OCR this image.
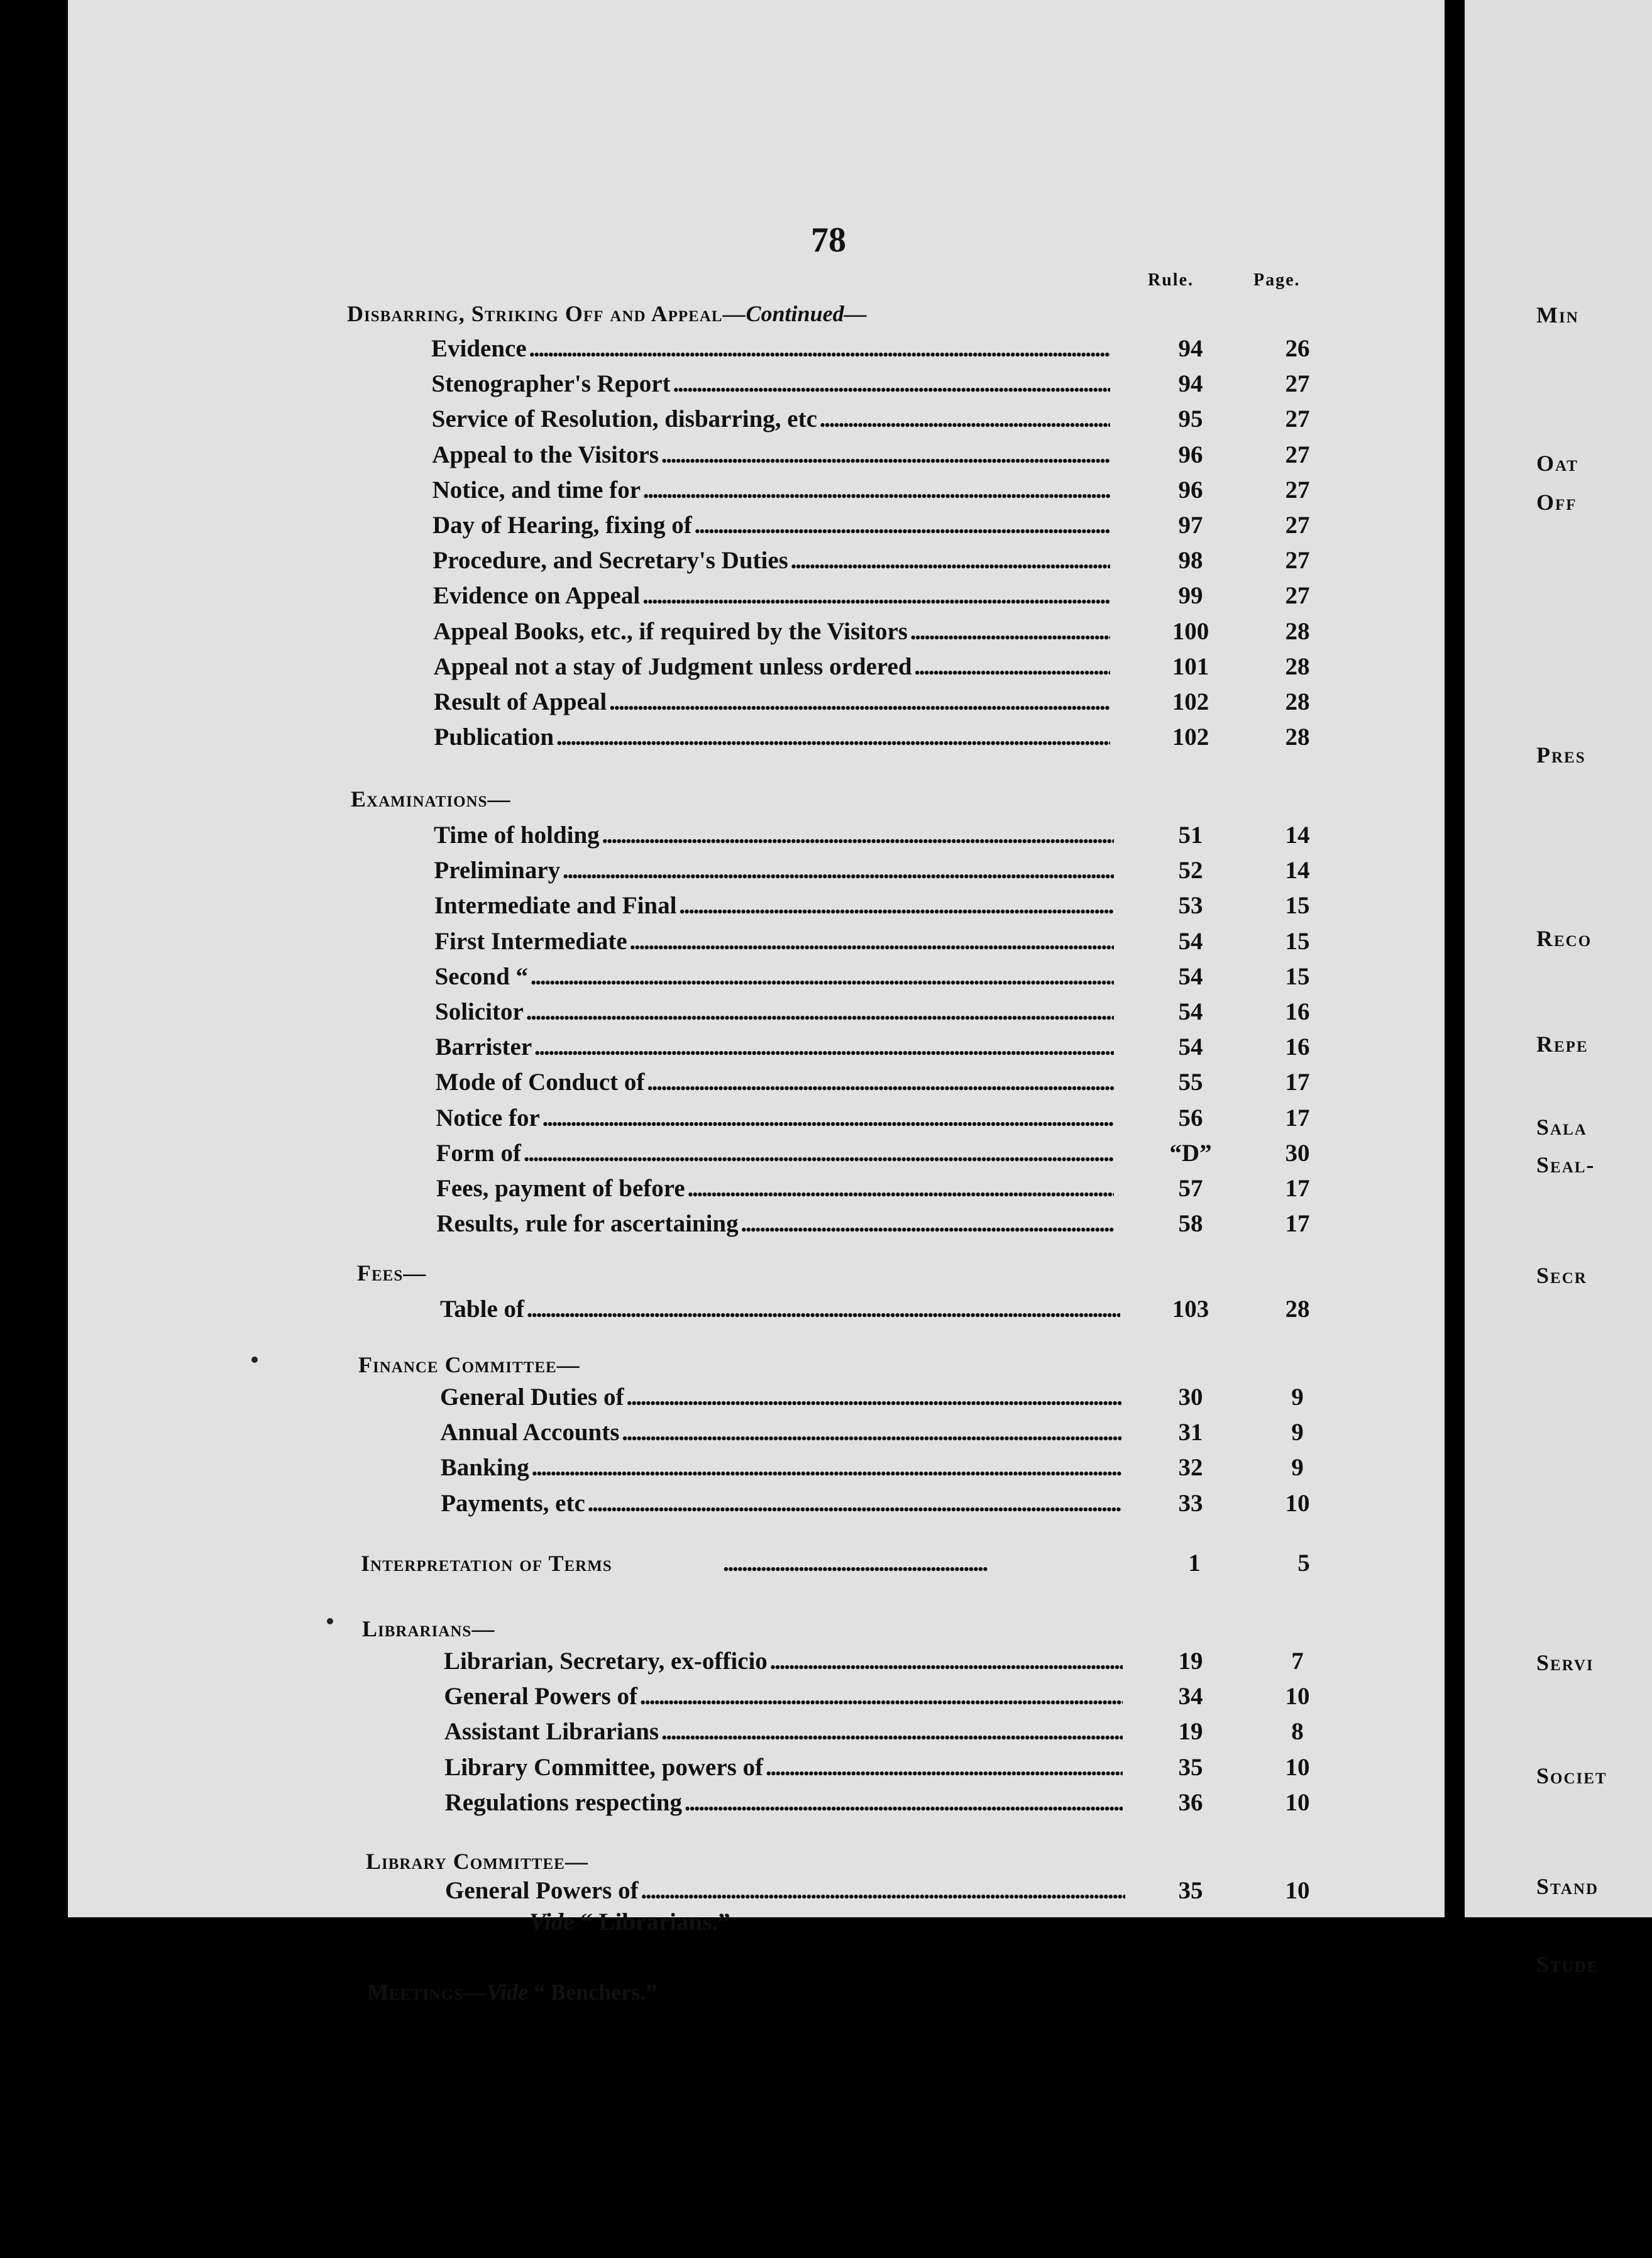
78
Rule.	Page.
Disbarring, Striking Off and Appeal—Continued—
Evidence . . .	94	26
Stenographer's Report . . .	94	27
Service of Resolution, disbarring, etc . . .	95	27
Appeal to the Visitors . . .	96	27
Notice, and time for . . .	96	27
Day of Hearing, fixing of . . .	97	27
Procedure, and Secretary's Duties . . .	98	27
Evidence on Appeal . . .	99	27
Appeal Books, etc., if required by the Visitors . . .	100	28
Appeal not a stay of Judgment unless ordered . . .	101	28
Result of Appeal . . .	102	28
Publication . . .	102	28
Examinations—
Time of holding . . .	51	14
Preliminary . . .	52	14
Intermediate and Final . . .	53	15
First Intermediate . . .	54	15
Second “ . . .	54	15
Solicitor . . .	54	16
Barrister . . .	54	16
Mode of Conduct of . . .	55	17
Notice for . . .	56	17
Form of . . .	“D”	30
Fees, payment of before . . .	57	17
Results, rule for ascertaining . . .	58	17
Fees—
Table of . . .	103	28
Finance Committee—
General Duties of . . .	30	9
Annual Accounts . . .	31	9
Banking . . .	32	9
Payments, etc . . .	33	10
Interpretation of Terms	. . . . . . . . . . . . . . . . . . . . . . . . . . . . . . . . . . . . . . . . . . . . . . . . . . . . . . . .	1	5
Librarians—
Librarian, Secretary, ex-officio . . .	19	7
General Powers of . . .	34	10
Assistant Librarians . . .	19	8
Library Committee, powers of . . .	35	10
Regulations respecting . . .	36	10
Library Committee—
General Powers of . . .	35	10
Vide “ Librarians.”
Meetings—Vide “ Benchers.”
Min
Oat
Off
Pres
Reco
Repe
Sala
Seal-
Secr
Servi
Societ
Stand
Stude
